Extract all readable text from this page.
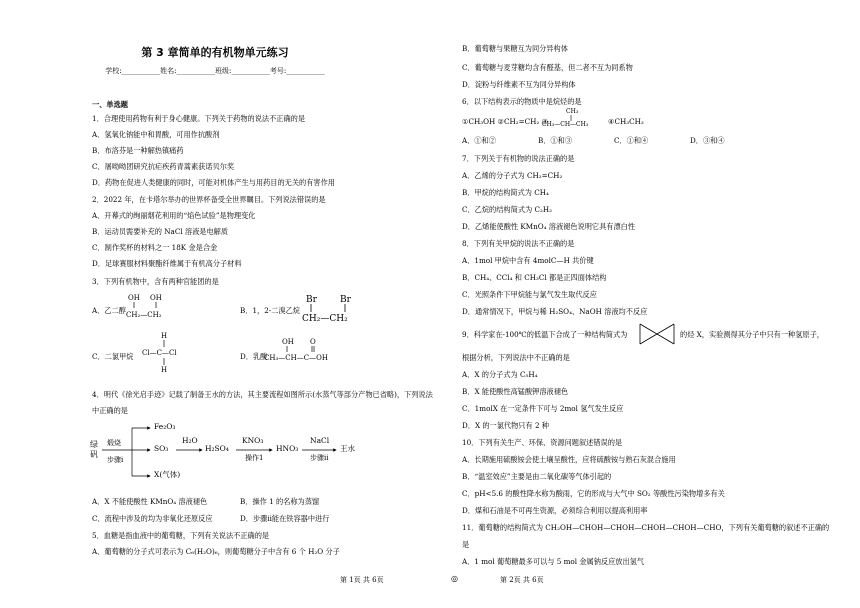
第 3 章简单的有机物单元练习
学校:___________姓名:___________班级:___________考号:___________
一、单选题
1．合理使用药物有利于身心健康。下列关于药物的说法不正确的是
A．氢氧化钠能中和胃酸，可用作抗酸剂
B．布洛芬是一种解热镇痛药
C．屠呦呦团研究抗疟疾药青蒿素获诺贝尔奖
D．药物在促进人类健康的同时，可能对机体产生与用药目的无关的有害作用
2．2022 年，在卡塔尔举办的世界杯备受全世界瞩目。下列说法错误的是
A．开幕式的绚丽烟花利用的“焰色试验”是物理变化
B．运动员需要补充的 NaCl 溶液是电解质
C．制作奖杯的材料之一 18K 金是合金
D．足球赛服材料聚酯纤维属于有机高分子材料
3．下列有机物中，含有两种官能团的是
A．乙二醇
OH OH
CH₂—CH₂	B．1，2-二溴乙烷
Br	Br
CH₂—CH₂
C．二氯甲烷
H
Cl—C—Cl
H
D．乳酸
OH O
CH₃—CH—C—OH
4．明代《徐光启手迹》记载了制备王水的方法，其主要流程如图所示(水蒸气等部分产物已省略)，下列说法
中正确的是
绿
矾
煅烧
步骤i
Fe₂O₃
SO₃
H₂O
H₂SO₄
KNO₃
操作1
HNO₃
NaCl
步骤ii
王水
X(气体)
A．X 不能使酸性 KMnO₄ 溶液褪色	B．操作 1 的名称为蒸馏
C．流程中涉及的均为非氧化还原反应	D．步骤ii能在铁容器中进行
5．血糖是指血液中的葡萄糖，下列有关说法不正确的是
A．葡萄糖的分子式可表示为 C₆(H₂O)₆，则葡萄糖分子中含有 6 个 H₂O 分子
第 1页 共 6页	◎
B．葡萄糖与果糖互为同分异构体
C．葡萄糖与麦芽糖均含有醛基，但二者不互为同系物
D．淀粉与纤维素不互为同分异构体
6．以下结构表示的物质中是烷烃的是
①CH₃OH ②CH₂=CH₂ ③
CH₃
CH₃—CH—CH₃	④CH₃CH₃
A．①和②	B．①和③	C．①和④	D．③和④
7．下列关于有机物的说法正确的是
A．乙烯的分子式为 CH₂=CH₂
B．甲烷的结构简式为 CH₄
C．乙烷的结构简式为 C₂H₂
D．乙烯能使酸性 KMnO₄ 溶液褪色说明它具有漂白性
8．下列有关甲烷的说法不正确的是
A．1mol 甲烷中含有 4molC—H 共价键
B．CH₄、CCl₄ 和 CH₃Cl 都是正四面体结构
C．光照条件下甲烷能与氯气发生取代反应
D．通常情况下，甲烷与稀 H₂SO₄、NaOH 溶液均不反应
9．科学家在-100℃的低温下合成了一种结构简式为	的烃 X，实验测得其分子中只有一种氢原子，
根据分析，下列说法中不正确的是
A．X 的分子式为 C₅H₄
B．X 能使酸性高锰酸钾溶液褪色
C．1molX 在一定条件下可与 2mol 氢气发生反应
D．X 的一氯代物只有 2 种
10．下列有关生产、环保、资源问题叙述错误的是
A．长期施用硫酸铵会使土壤呈酸性，应将硫酸铵与熟石灰混合施用
B．“温室效应”主要是由二氧化碳等气体引起的
C．pH<5.6 的酸性降水称为酸雨，它的形成与大气中 SO₂ 等酸性污染物增多有关
D．煤和石油是不可再生资源，必须综合利用以提高利用率
11．葡萄糖的结构简式为 CH₂OH—CHOH—CHOH—CHOH—CHOH—CHO，下列有关葡萄糖的叙述不正确的
是
A．1 mol 葡萄糖最多可以与 5 mol 金属钠反应放出氢气
第 2页 共 6页
